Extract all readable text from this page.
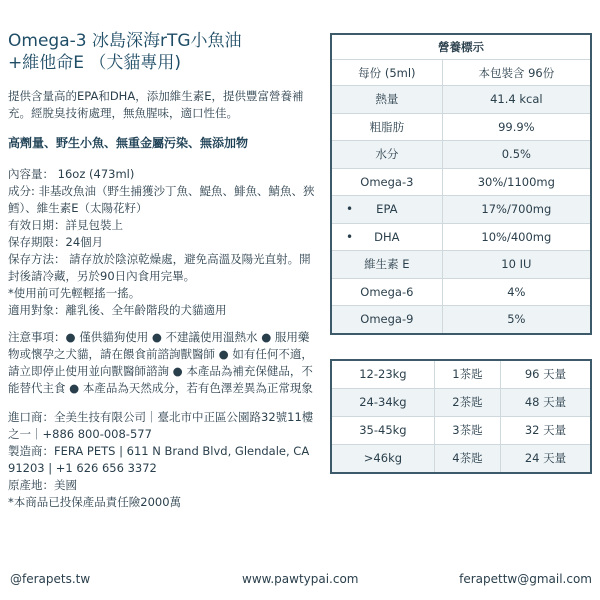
Omega-3 冰島深海rTG小魚油
+維他命E （犬貓專用)
提供含量高的EPA和DHA，添加維生素E，提供豐富營養補充。經脫臭技術處理，無魚腥味，適口性佳。
高劑量、野生小魚、無重金屬污染、無添加物
內容量： 16oz (473ml)
成分: 非基改魚油（野生捕獲沙丁魚、鯷魚、鯡魚、鯖魚、狹鱈）、維生素E（太陽花籽）
有效日期：詳見包裝上
保存期限：24個月
保存方法： 請存放於陰涼乾燥處，避免高溫及陽光直射。開封後請冷藏，另於90日內食用完畢。
*使用前可先輕輕搖一搖。
適用對象：離乳後、全年齡階段的犬貓適用
注意事項：● 僅供貓狗使用 ● 不建議使用溫熱水 ● 服用藥物或懷孕之犬貓，請在餵食前諮詢獸醫師 ● 如有任何不適，請立即停止使用並向獸醫師諮詢 ● 本產品為補充保健品，不能替代主食 ● 本產品為天然成分，若有色澤差異為正常現象
進口商：全美生技有限公司｜臺北市中正區公園路32號11樓之一｜+886 800-008-577
製造商：FERA PETS | 611 N Brand Blvd, Glendale, CA 91203 | +1 626 656 3372
原產地：美國
*本商品已投保產品責任險2000萬
營養標示	
每份 (5ml)	本包裝含 96份
熱量	41.4 kcal
粗脂肪	99.9%
水分	0.5%
Omega-3	30%/1100mg
• EPA	17%/700mg
• DHA	10%/400mg
維生素 E	10 IU
Omega-6	4%
Omega-9	5%
12-23kg	1茶匙	96 天量
24-34kg	2茶匙	48 天量
35-45kg	3茶匙	32 天量
>46kg	4茶匙	24 天量
@ferapets.tw	www.pawtypai.com	ferapettw@gmail.com
